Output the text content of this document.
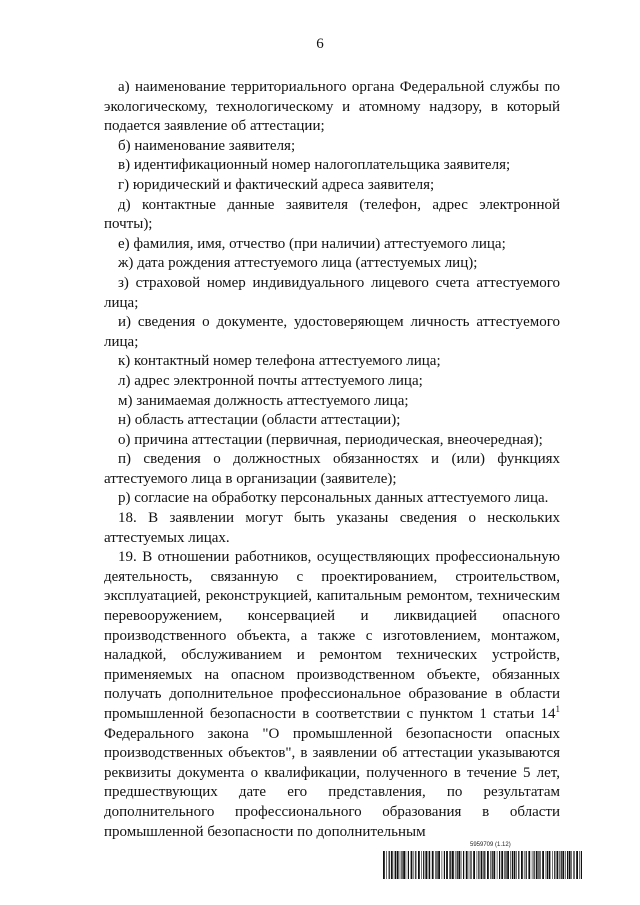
6

а) наименование территориального органа Федеральной службы по экологическому, технологическому и атомному надзору, в который подается заявление об аттестации;

б) наименование заявителя;

в) идентификационный номер налогоплательщика заявителя;

г) юридический и фактический адреса заявителя;

д) контактные данные заявителя (телефон, адрес электронной почты);

е) фамилия, имя, отчество (при наличии) аттестуемого лица;

ж) дата рождения аттестуемого лица (аттестуемых лиц);

з) страховой номер индивидуального лицевого счета аттестуемого лица;

и) сведения о документе, удостоверяющем личность аттестуемого лица;

к) контактный номер телефона аттестуемого лица;

л) адрес электронной почты аттестуемого лица;

м) занимаемая должность аттестуемого лица;

н) область аттестации (области аттестации);

о) причина аттестации (первичная, периодическая, внеочередная);

п) сведения о должностных обязанностях и (или) функциях аттестуемого лица в организации (заявителе);

р) согласие на обработку персональных данных аттестуемого лица.

18. В заявлении могут быть указаны сведения о нескольких аттестуемых лицах.

19. В отношении работников, осуществляющих профессиональную деятельность, связанную с проектированием, строительством, эксплуатацией, реконструкцией, капитальным ремонтом, техническим перевооружением, консервацией и ликвидацией опасного производственного объекта, а также с изготовлением, монтажом, наладкой, обслуживанием и ремонтом технических устройств, применяемых на опасном производственном объекте, обязанных получать дополнительное профессиональное образование в области промышленной безопасности в соответствии с пунктом 1 статьи $14^1$ Федерального закона "О промышленной безопасности опасных производственных объектов", в заявлении об аттестации указываются реквизиты документа о квалификации, полученного в течение 5 лет, предшествующих дате его представления, по результатам дополнительного профессионального образования в области промышленной безопасности по дополнительным

5959709 (1.12)
